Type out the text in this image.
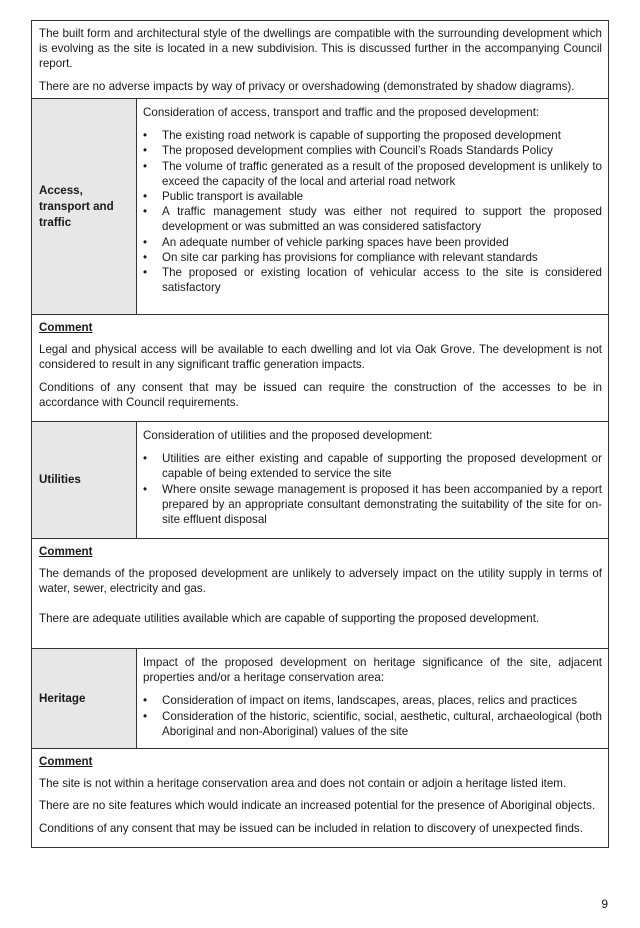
The built form and architectural style of the dwellings are compatible with the surrounding development which is evolving as the site is located in a new subdivision. This is discussed further in the accompanying Council report.

There are no adverse impacts by way of privacy or overshadowing (demonstrated by shadow diagrams).

Access, transport and traffic

Consideration of access, transport and traffic and the proposed development:

• The existing road network is capable of supporting the proposed development
• The proposed development complies with Council’s Roads Standards Policy
• The volume of traffic generated as a result of the proposed development is unlikely to exceed the capacity of the local and arterial road network
• Public transport is available
• A traffic management study was either not required to support the proposed development or was submitted an was considered satisfactory
• An adequate number of vehicle parking spaces have been provided
• On site car parking has provisions for compliance with relevant standards
• The proposed or existing location of vehicular access to the site is considered satisfactory

Comment

Legal and physical access will be available to each dwelling and lot via Oak Grove. The development is not considered to result in any significant traffic generation impacts.

Conditions of any consent that may be issued can require the construction of the accesses to be in accordance with Council requirements.

Utilities

Consideration of utilities and the proposed development:

• Utilities are either existing and capable of supporting the proposed development or capable of being extended to service the site
• Where onsite sewage management is proposed it has been accompanied by a report prepared by an appropriate consultant demonstrating the suitability of the site for on-site effluent disposal

Comment

The demands of the proposed development are unlikely to adversely impact on the utility supply in terms of water, sewer, electricity and gas.

There are adequate utilities available which are capable of supporting the proposed development.

Heritage

Impact of the proposed development on heritage significance of the site, adjacent properties and/or a heritage conservation area:

• Consideration of impact on items, landscapes, areas, places, relics and practices
• Consideration of the historic, scientific, social, aesthetic, cultural, archaeological (both Aboriginal and non-Aboriginal) values of the site

Comment

The site is not within a heritage conservation area and does not contain or adjoin a heritage listed item.

There are no site features which would indicate an increased potential for the presence of Aboriginal objects.

Conditions of any consent that may be issued can be included in relation to discovery of unexpected finds.

9
